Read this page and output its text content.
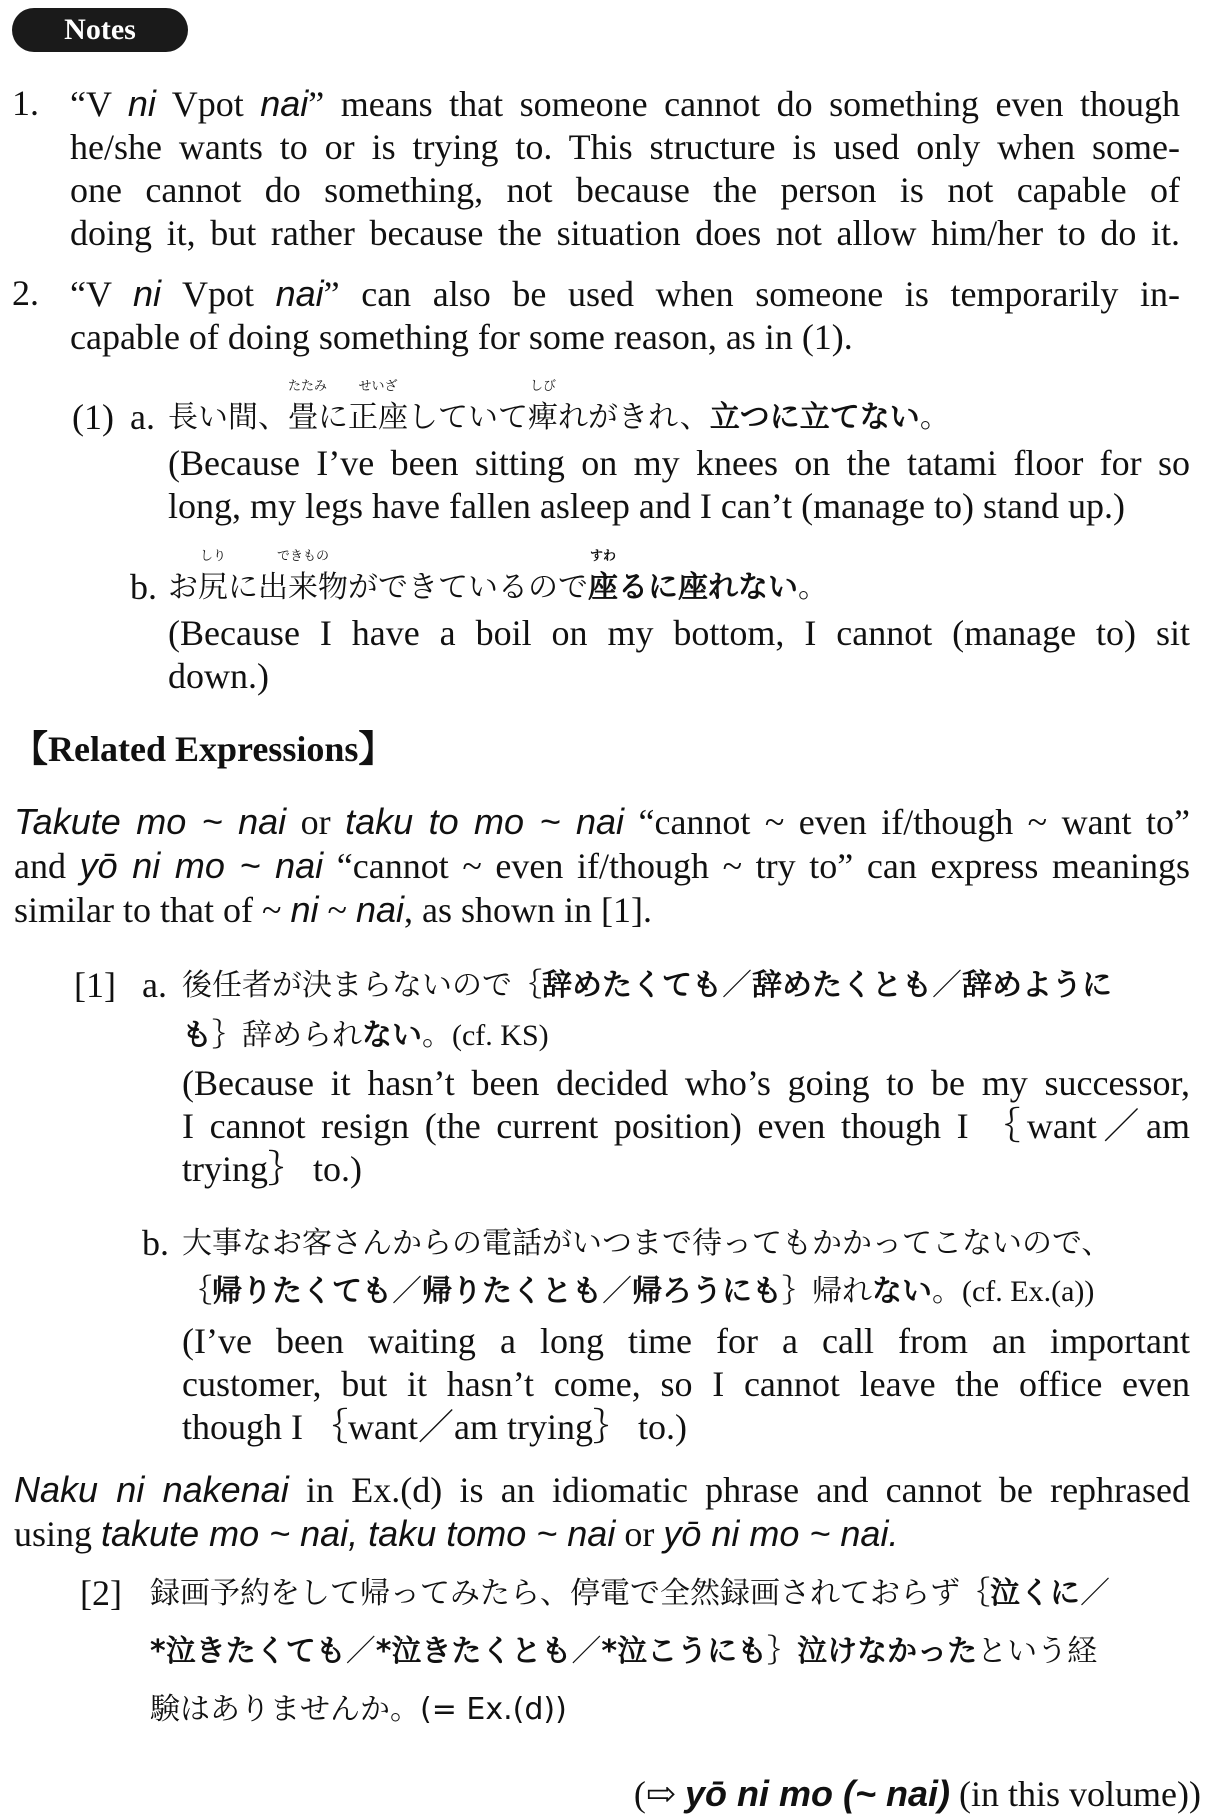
Notes
1. “V ni Vpot nai” means that someone cannot do something even though
he/she wants to or is trying to. This structure is used only when some-
one cannot do something, not because the person is not capable of
doing it, but rather because the situation does not allow him/her to do it.
2. “V ni Vpot nai” can also be used when someone is temporarily in-
capable of doing something for some reason, as in (1).
(1) a. 長い間、
たたみ
畳に
せいざ
正座していて
しび
痺れがきれ、立つに立てない。
(Because I’ve been sitting on my knees on the tatami floor for so
long, my legs have fallen asleep and I can’t (manage to) stand up.)
b. お
しり
尻に
できもの
出来物ができているので
すわ
座るに座れない。
(Because I have a boil on my bottom, I cannot (manage to) sit
down.)
【Related Expressions】
Takute mo ~ nai or taku to mo ~ nai “cannot ~ even if/though ~ want to”
and yō ni mo ~ nai “cannot ~ even if/though ~ try to” can express meanings
similar to that of ~ ni ~ nai, as shown in [1].
[1] a. 後任者が決まらないので｛辞めたくても／辞めたくとも／辞めように
も｝辞められない。(cf. KS)
(Because it hasn’t been decided who’s going to be my successor,
I cannot resign (the current position) even though I ｛want／am
trying｝ to.)
b. 大事なお客さんからの電話がいつまで待ってもかかってこないので、
｛帰りたくても／帰りたくとも／帰ろうにも｝帰れない。(cf. Ex.(a))
(I’ve been waiting a long time for a call from an important
customer, but it hasn’t come, so I cannot leave the office even
though I ｛want／am trying｝ to.)
Naku ni nakenai in Ex.(d) is an idiomatic phrase and cannot be rephrased
using takute mo ~ nai, taku tomo ~ nai or yō ni mo ~ nai.
[2] 録画予約をして帰ってみたら、停電で全然録画されておらず｛泣くに／
*泣きたくても／*泣きたくとも／*泣こうにも｝泣けなかったという経
験はありませんか。(= Ex.(d))
(⇨ yō ni mo (~ nai) (in this volume))
